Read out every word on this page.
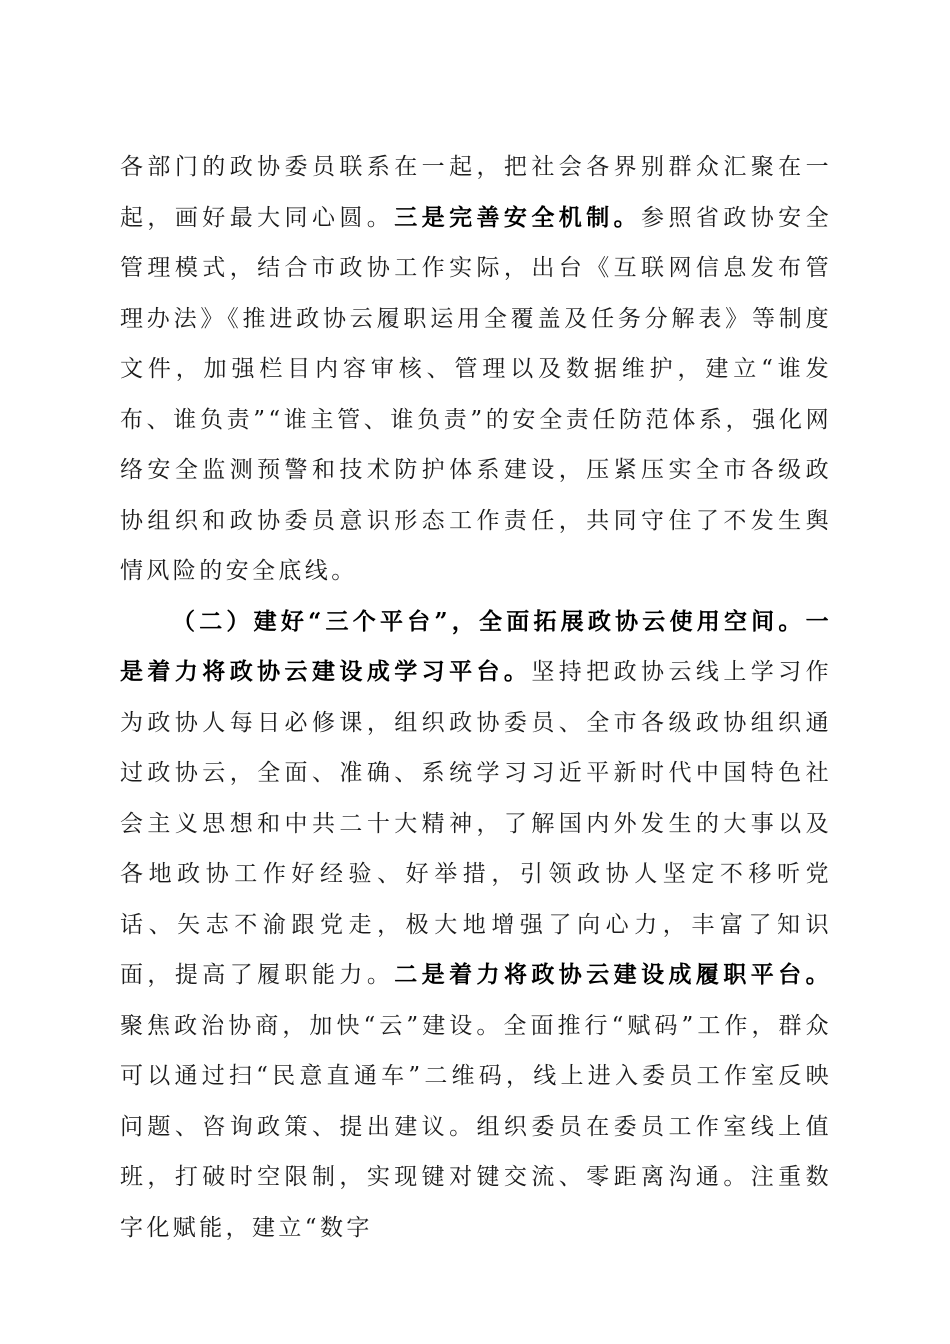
各部门的政协委员联系在一起，把社会各界别群众汇聚在一起，画好最大同心圆。三是完善安全机制。参照省政协安全管理模式，结合市政协工作实际，出台《互联网信息发布管理办法》《推进政协云履职运用全覆盖及任务分解表》等制度文件，加强栏目内容审核、管理以及数据维护，建立“谁发布、谁负责”“谁主管、谁负责”的安全责任防范体系，强化网络安全监测预警和技术防护体系建设，压紧压实全市各级政协组织和政协委员意识形态工作责任，共同守住了不发生舆情风险的安全底线。

（二）建好“三个平台”，全面拓展政协云使用空间。一是着力将政协云建设成学习平台。坚持把政协云线上学习作为政协人每日必修课，组织政协委员、全市各级政协组织通过政协云，全面、准确、系统学习习近平新时代中国特色社会主义思想和中共二十大精神，了解国内外发生的大事以及各地政协工作好经验、好举措，引领政协人坚定不移听党话、矢志不渝跟党走，极大地增强了向心力，丰富了知识面，提高了履职能力。二是着力将政协云建设成履职平台。聚焦政治协商，加快“云”建设。全面推行“赋码”工作，群众可以通过扫“民意直通车”二维码，线上进入委员工作室反映问题、咨询政策、提出建议。组织委员在委员工作室线上值班，打破时空限制，实现键对键交流、零距离沟通。注重数字化赋能，建立“数字
